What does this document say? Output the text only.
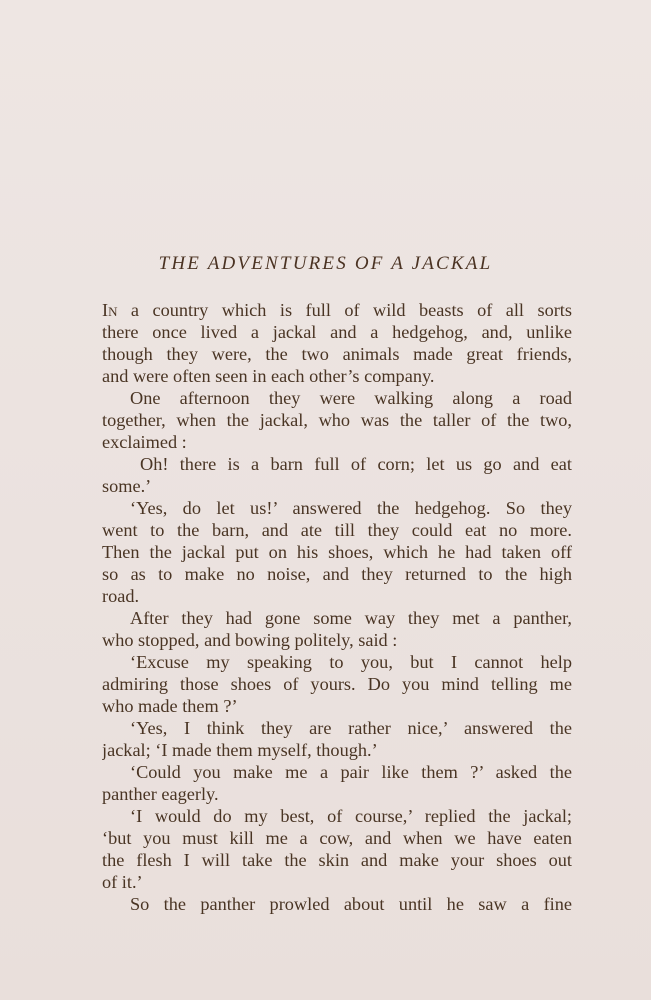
THE ADVENTURES OF A JACKAL
In a country which is full of wild beasts of all sorts
there once lived a jackal and a hedgehog, and, unlike
though they were, the two animals made great friends,
and were often seen in each other’s company.
One afternoon they were walking along a road
together, when the jackal, who was the taller of the two,
exclaimed :
Oh! there is a barn full of corn; let us go and eat
some.’
‘Yes, do let us!’ answered the hedgehog. So they
went to the barn, and ate till they could eat no more.
Then the jackal put on his shoes, which he had taken off
so as to make no noise, and they returned to the high
road.
After they had gone some way they met a panther,
who stopped, and bowing politely, said :
‘Excuse my speaking to you, but I cannot help
admiring those shoes of yours. Do you mind telling me
who made them ?’
‘Yes, I think they are rather nice,’ answered the
jackal; ‘I made them myself, though.’
‘Could you make me a pair like them ?’ asked the
panther eagerly.
‘I would do my best, of course,’ replied the jackal;
‘but you must kill me a cow, and when we have eaten
the flesh I will take the skin and make your shoes out
of it.’
So the panther prowled about until he saw a fine
